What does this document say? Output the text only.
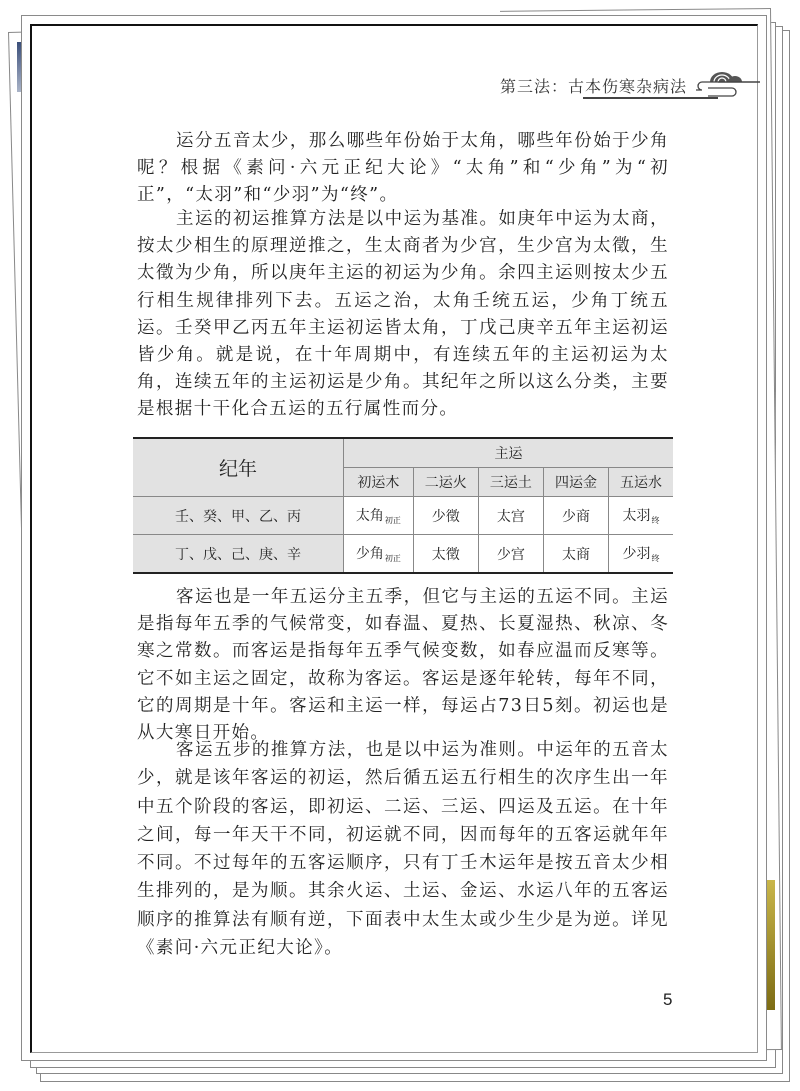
第三法：古本伤寒杂病法
运分五音太少，那么哪些年份始于太角，哪些年份始于少角呢？根据《素问·六元正纪大论》“太角”和“少角”为“初正”，“太羽”和“少羽”为“终”。
主运的初运推算方法是以中运为基准。如庚年中运为太商，按太少相生的原理逆推之，生太商者为少宫，生少宫为太徵，生太徵为少角，所以庚年主运的初运为少角。余四主运则按太少五行相生规律排列下去。五运之治，太角壬统五运，少角丁统五运。壬癸甲乙丙五年主运初运皆太角，丁戊己庚辛五年主运初运皆少角。就是说，在十年周期中，有连续五年的主运初运为太角，连续五年的主运初运是少角。其纪年之所以这么分类，主要是根据十干化合五运的五行属性而分。
纪年	主运				
	初运木	二运火	三运土	四运金	五运水
壬、癸、甲、乙、丙	太角$_{初正}$	少徵	太宫	少商	太羽$_终$
丁、戊、己、庚、辛	少角$_{初正}$	太徵	少宫	太商	少羽$_终$
客运也是一年五运分主五季，但它与主运的五运不同。主运是指每年五季的气候常变，如春温、夏热、长夏湿热、秋凉、冬寒之常数。而客运是指每年五季气候变数，如春应温而反寒等。它不如主运之固定，故称为客运。客运是逐年轮转，每年不同，它的周期是十年。客运和主运一样，每运占73日5刻。初运也是从大寒日开始。
客运五步的推算方法，也是以中运为准则。中运年的五音太少，就是该年客运的初运，然后循五运五行相生的次序生出一年中五个阶段的客运，即初运、二运、三运、四运及五运。在十年之间，每一年天干不同，初运就不同，因而每年的五客运就年年不同。不过每年的五客运顺序，只有丁壬木运年是按五音太少相生排列的，是为顺。其余火运、土运、金运、水运八年的五客运顺序的推算法有顺有逆，下面表中太生太或少生少是为逆。详见《素问·六元正纪大论》。
5
